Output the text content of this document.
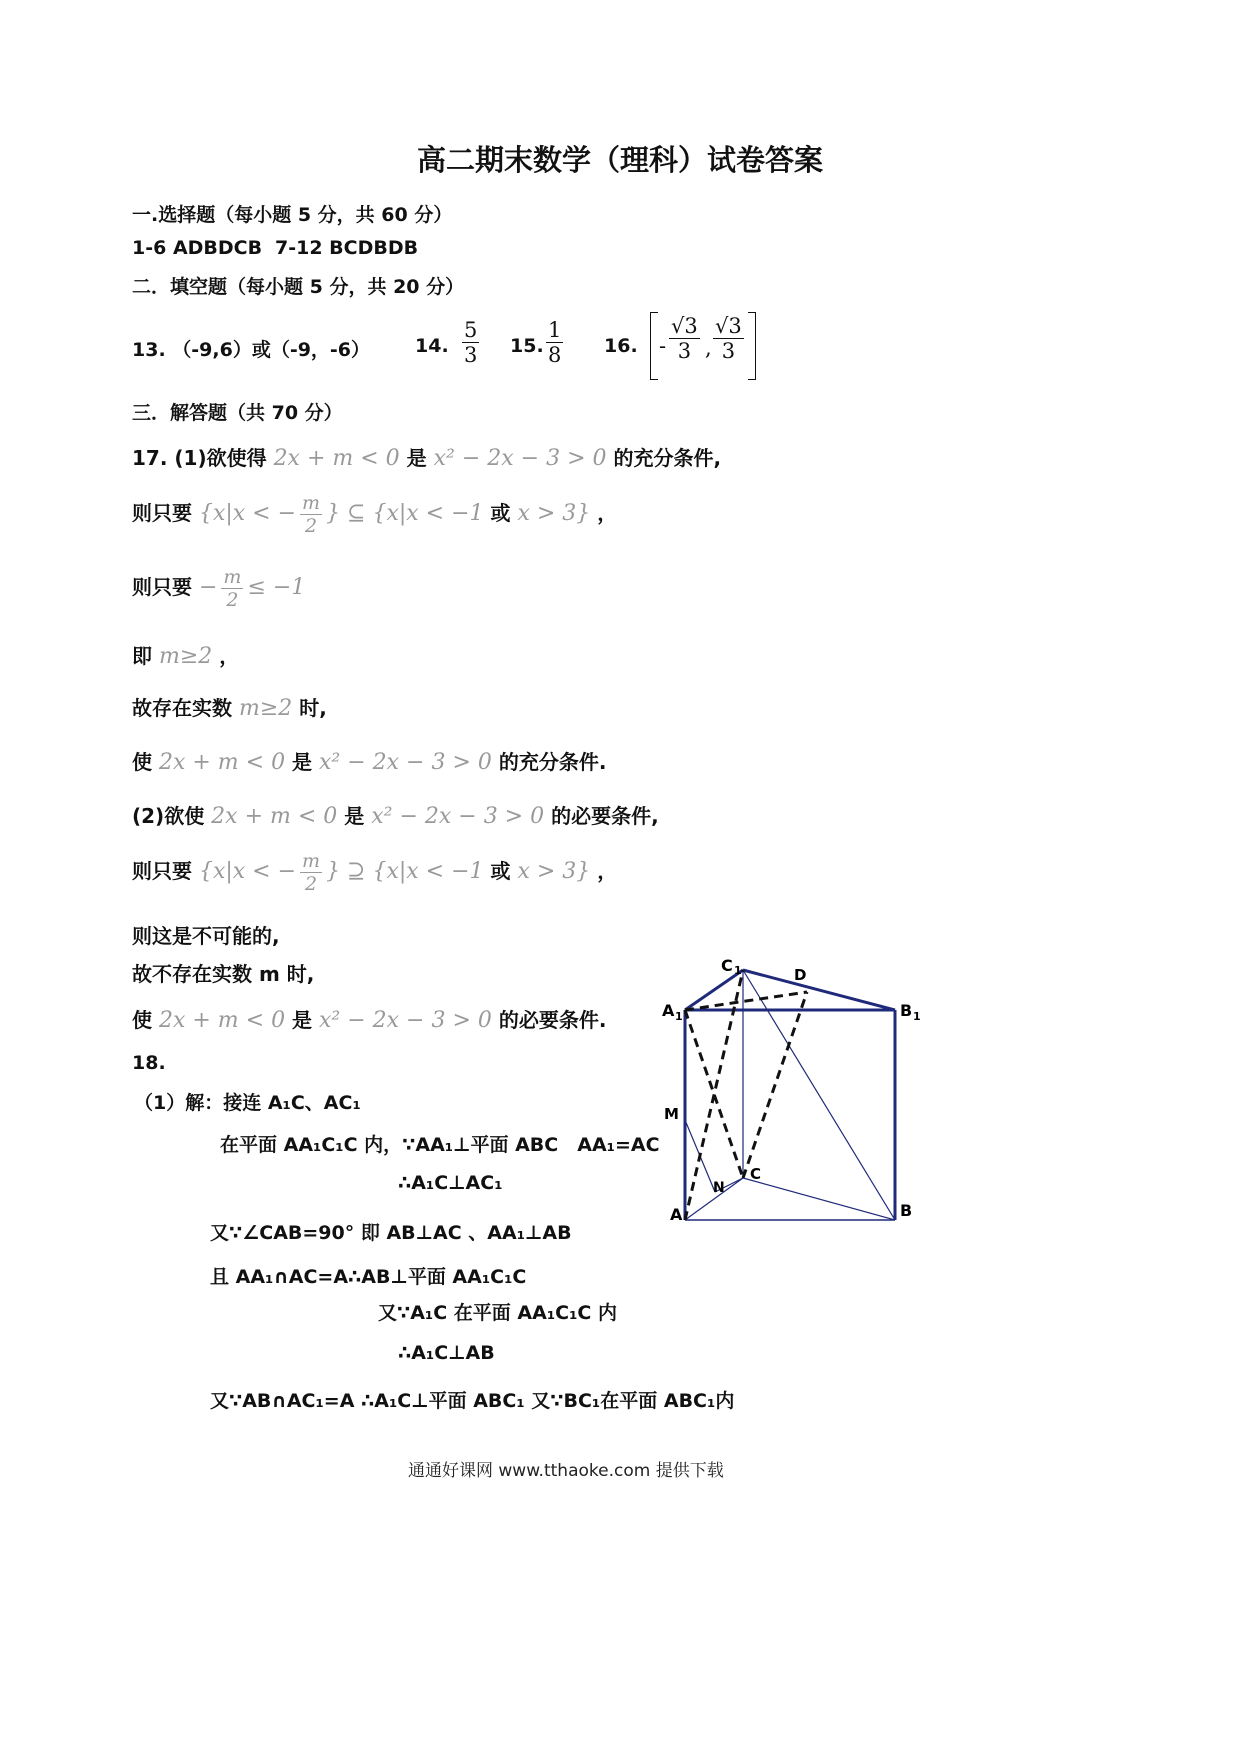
高二期末数学（理科）试卷答案
一.选择题（每小题 5 分，共 60 分）
1-6 ADBDCB 7-12 BCDBDB
二．填空题（每小题 5 分，共 20 分）
13. （-9,6）或（-9，-6） 14. $\frac{5}{3} 15$. $\frac{1}{8} 16$. - $\frac{√3}{3}$ , $\frac{√3}{3}$
三．解答题（共 70 分）
17. (1)欲使得 2x + m < 0 是 x² − 2x − 3 > 0 的充分条件,
则只要 {x|x < − $\frac{m}{2}$ } ⊆ {x|x < −1 或 x > 3} ，
则只要 − $\frac{m}{2} \le -1$
即 m≥2 ，
故存在实数 m≥2 时,
使 2x + m < 0 是 x² − 2x − 3 > 0 的充分条件.
(2)欲使 2x + m < 0 是 x² − 2x − 3 > 0 的必要条件,
则只要 {x|x < − $\frac{m}{2}$ } ⊇ {x|x < −1 或 x > 3} ，
则这是不可能的,
故不存在实数 m 时,
使 2x + m < 0 是 x² − 2x − 3 > 0 的必要条件.
18.
（1）解：接连 A₁C、AC₁
在平面 AA₁C₁C 内，∵AA₁⊥平面 ABC　AA₁=AC
∴A₁C⊥AC₁
又∵∠CAB=90° 即 AB⊥AC 、AA₁⊥AB
且 AA₁∩AC=A∴AB⊥平面 AA₁C₁C
又∵A₁C 在平面 AA₁C₁C 内
∴A₁C⊥AB
又∵AB∩AC₁=A ∴A₁C⊥平面 ABC₁ 又∵BC₁在平面 ABC₁内
C 1	D
A 1	B 1
M
C
N
A	B
通通好课网 www.tthaoke.com 提供下载
